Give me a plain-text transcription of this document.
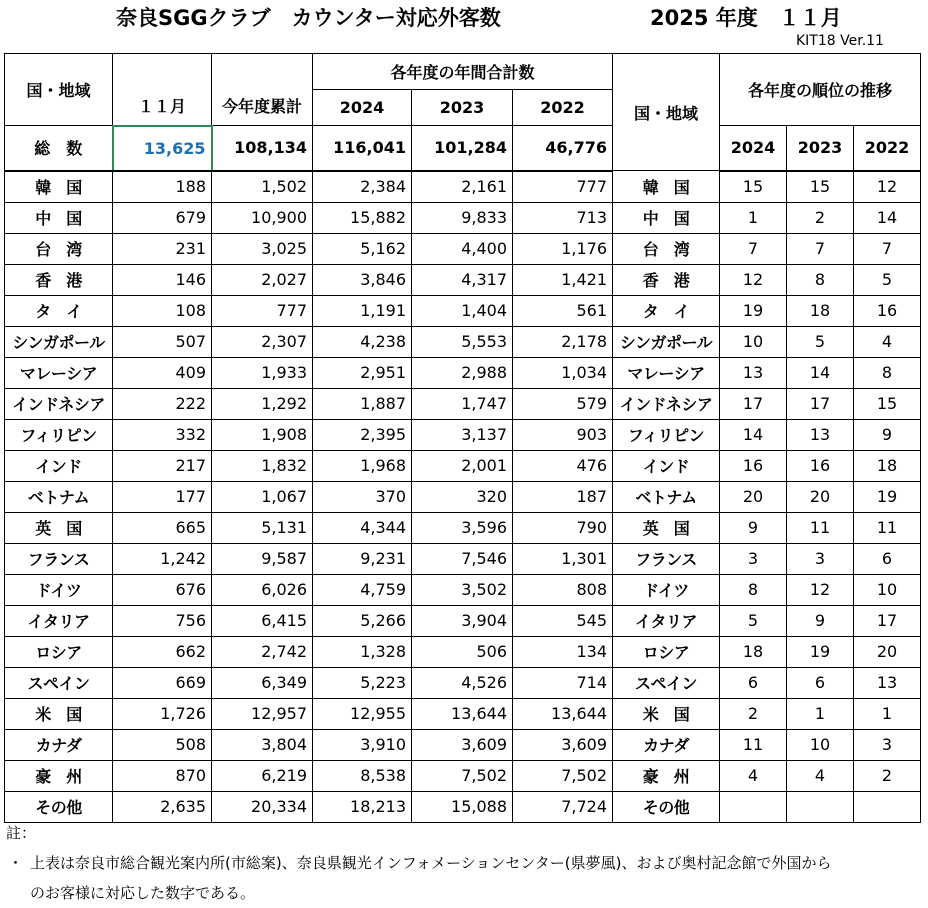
奈良SGGクラブ　カウンター対応外客数	2025 年度　１１月
KIT18 Ver.11
国・地域	１１月	今年度累計	各年度の年間合計数			国・地域	各年度の順位の推移		
			2024	2023	2022				
総　数	13,625	108,134	116,041	101,284	46,776		2024	2023	2022
韓　国	188	1,502	2,384	2,161	777	韓　国	15	15	12
中　国	679	10,900	15,882	9,833	713	中　国	1	2	14
台　湾	231	3,025	5,162	4,400	1,176	台　湾	7	7	7
香　港	146	2,027	3,846	4,317	1,421	香　港	12	8	5
タ　イ	108	777	1,191	1,404	561	タ　イ	19	18	16
シンガポール	507	2,307	4,238	5,553	2,178	シンガポール	10	5	4
マレーシア	409	1,933	2,951	2,988	1,034	マレーシア	13	14	8
インドネシア	222	1,292	1,887	1,747	579	インドネシア	17	17	15
フィリピン	332	1,908	2,395	3,137	903	フィリピン	14	13	9
インド	217	1,832	1,968	2,001	476	インド	16	16	18
ベトナム	177	1,067	370	320	187	ベトナム	20	20	19
英　国	665	5,131	4,344	3,596	790	英　国	9	11	11
フランス	1,242	9,587	9,231	7,546	1,301	フランス	3	3	6
ドイツ	676	6,026	4,759	3,502	808	ドイツ	8	12	10
イタリア	756	6,415	5,266	3,904	545	イタリア	5	9	17
ロシア	662	2,742	1,328	506	134	ロシア	18	19	20
スペイン	669	6,349	5,223	4,526	714	スペイン	6	6	13
米　国	1,726	12,957	12,955	13,644	13,644	米　国	2	1	1
カナダ	508	3,804	3,910	3,609	3,609	カナダ	11	10	3
豪　州	870	6,219	8,538	7,502	7,502	豪　州	4	4	2
その他	2,635	20,334	18,213	15,088	7,724	その他			
註：
・ 上表は奈良市総合観光案内所(市総案)、奈良県観光インフォメーションセンター(県夢風)、および奥村記念館で外国から
のお客様に対応した数字である。
